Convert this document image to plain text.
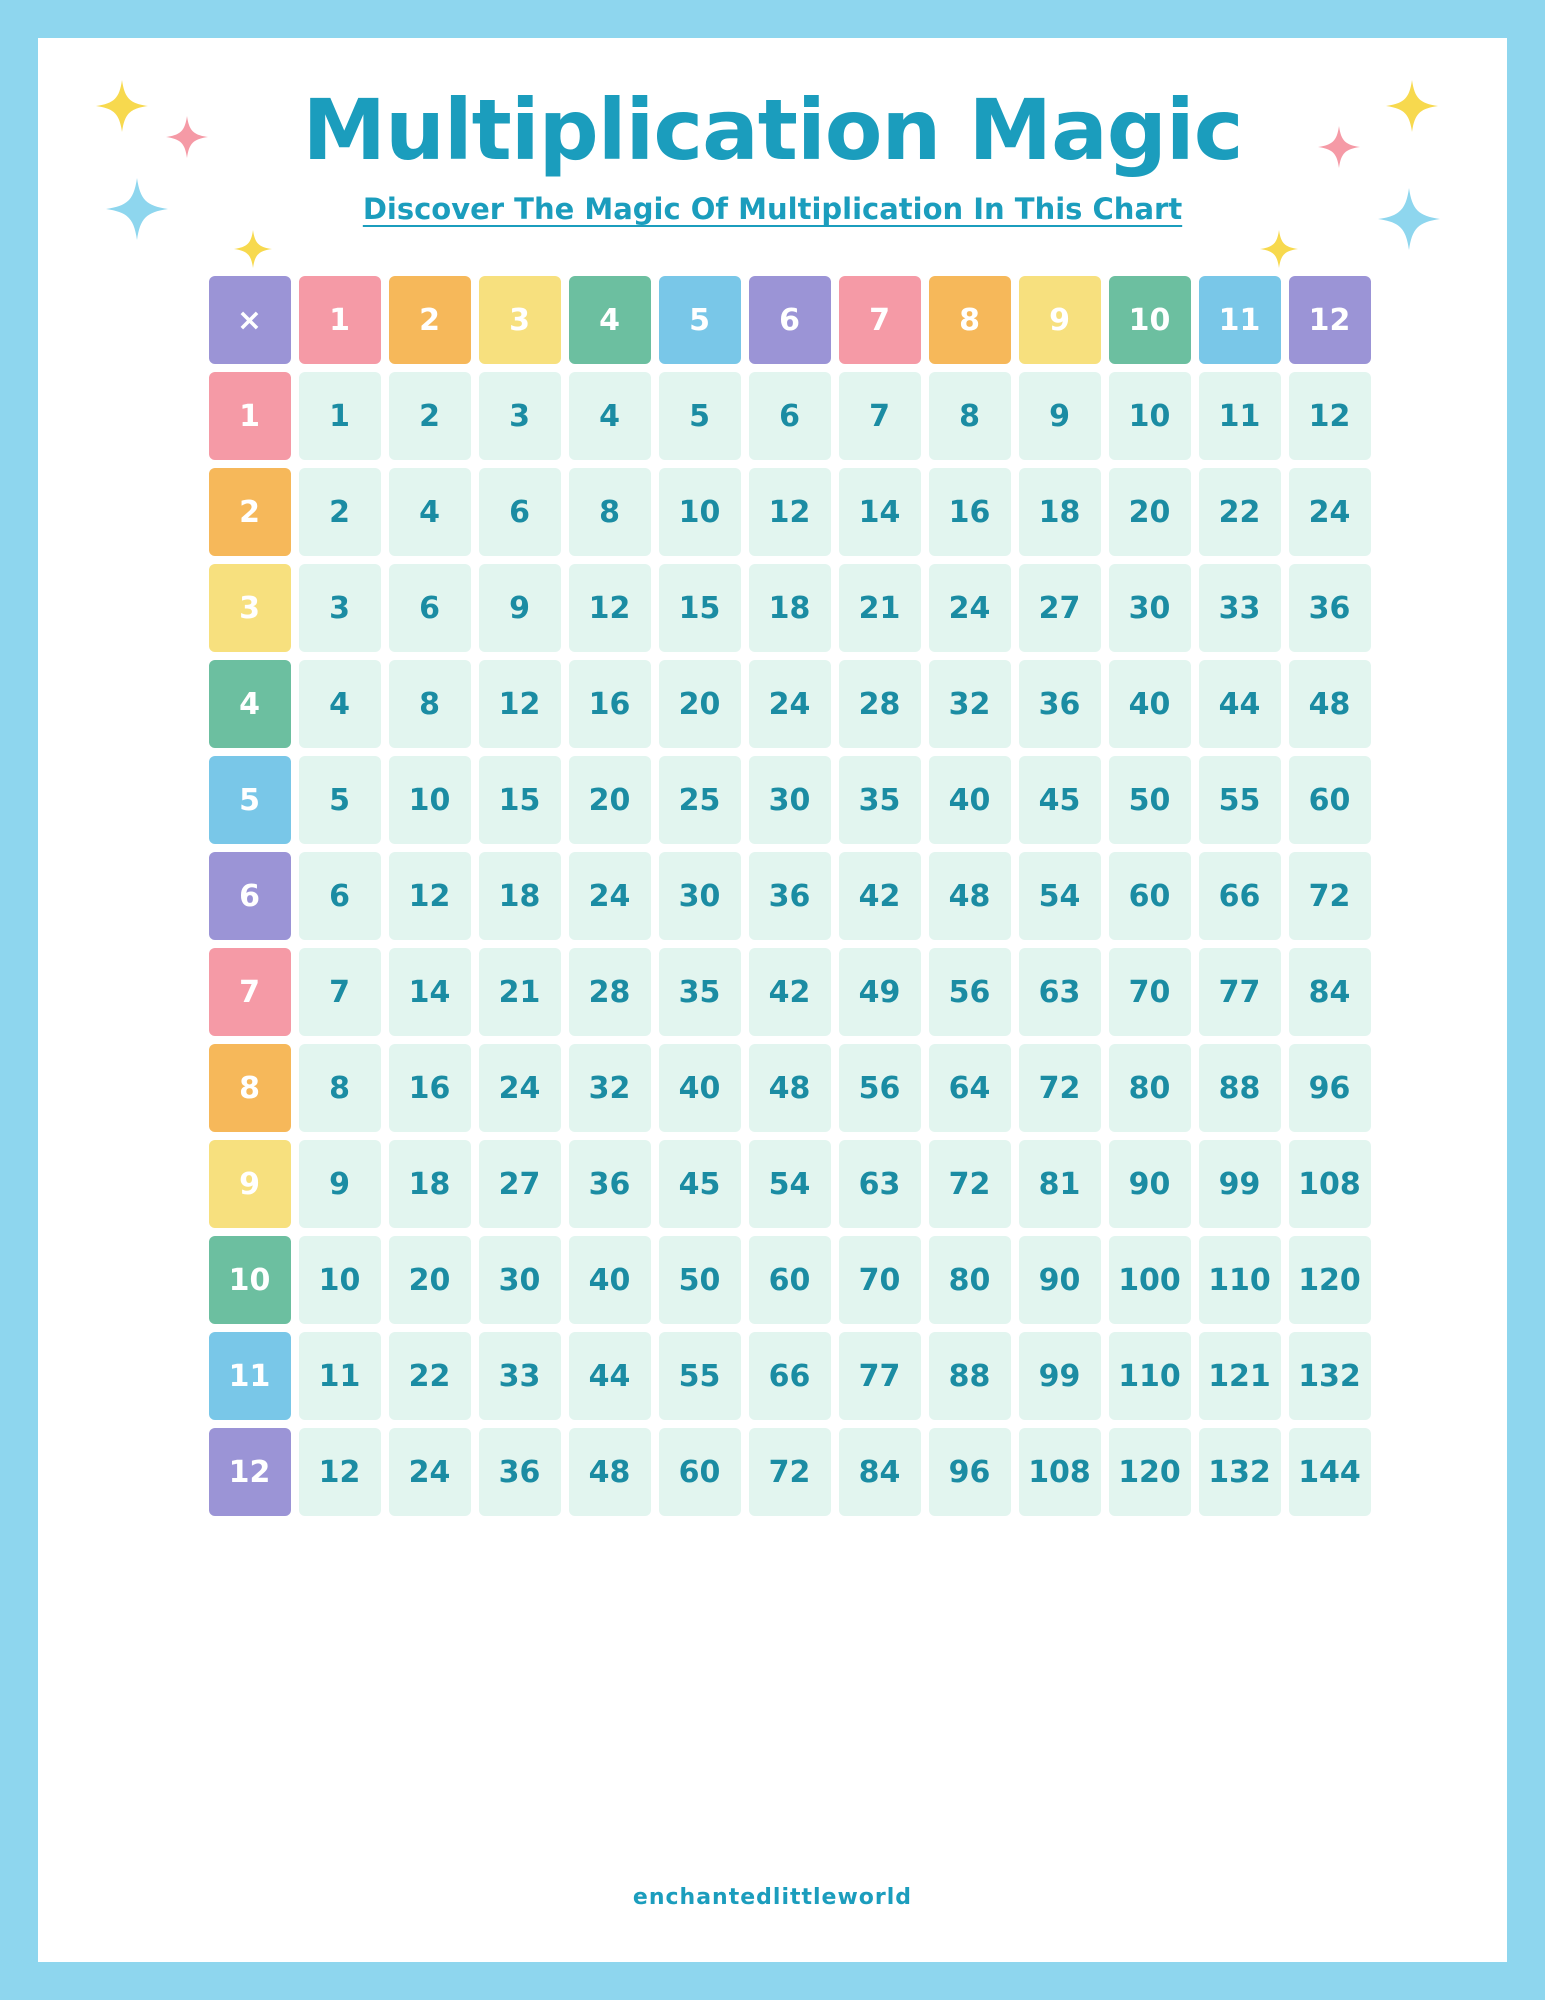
Multiplication Magic
Discover The Magic Of Multiplication In This Chart
×	1	2	3	4	5	6	7	8	9	10	11	12
1	1	2	3	4	5	6	7	8	9	10	11	12
2	2	4	6	8	10	12	14	16	18	20	22	24
3	3	6	9	12	15	18	21	24	27	30	33	36
4	4	8	12	16	20	24	28	32	36	40	44	48
5	5	10	15	20	25	30	35	40	45	50	55	60
6	6	12	18	24	30	36	42	48	54	60	66	72
7	7	14	21	28	35	42	49	56	63	70	77	84
8	8	16	24	32	40	48	56	64	72	80	88	96
9	9	18	27	36	45	54	63	72	81	90	99	108
10	10	20	30	40	50	60	70	80	90	100	110	120
11	11	22	33	44	55	66	77	88	99	110	121	132
12	12	24	36	48	60	72	84	96	108	120	132	144
enchantedlittleworld
